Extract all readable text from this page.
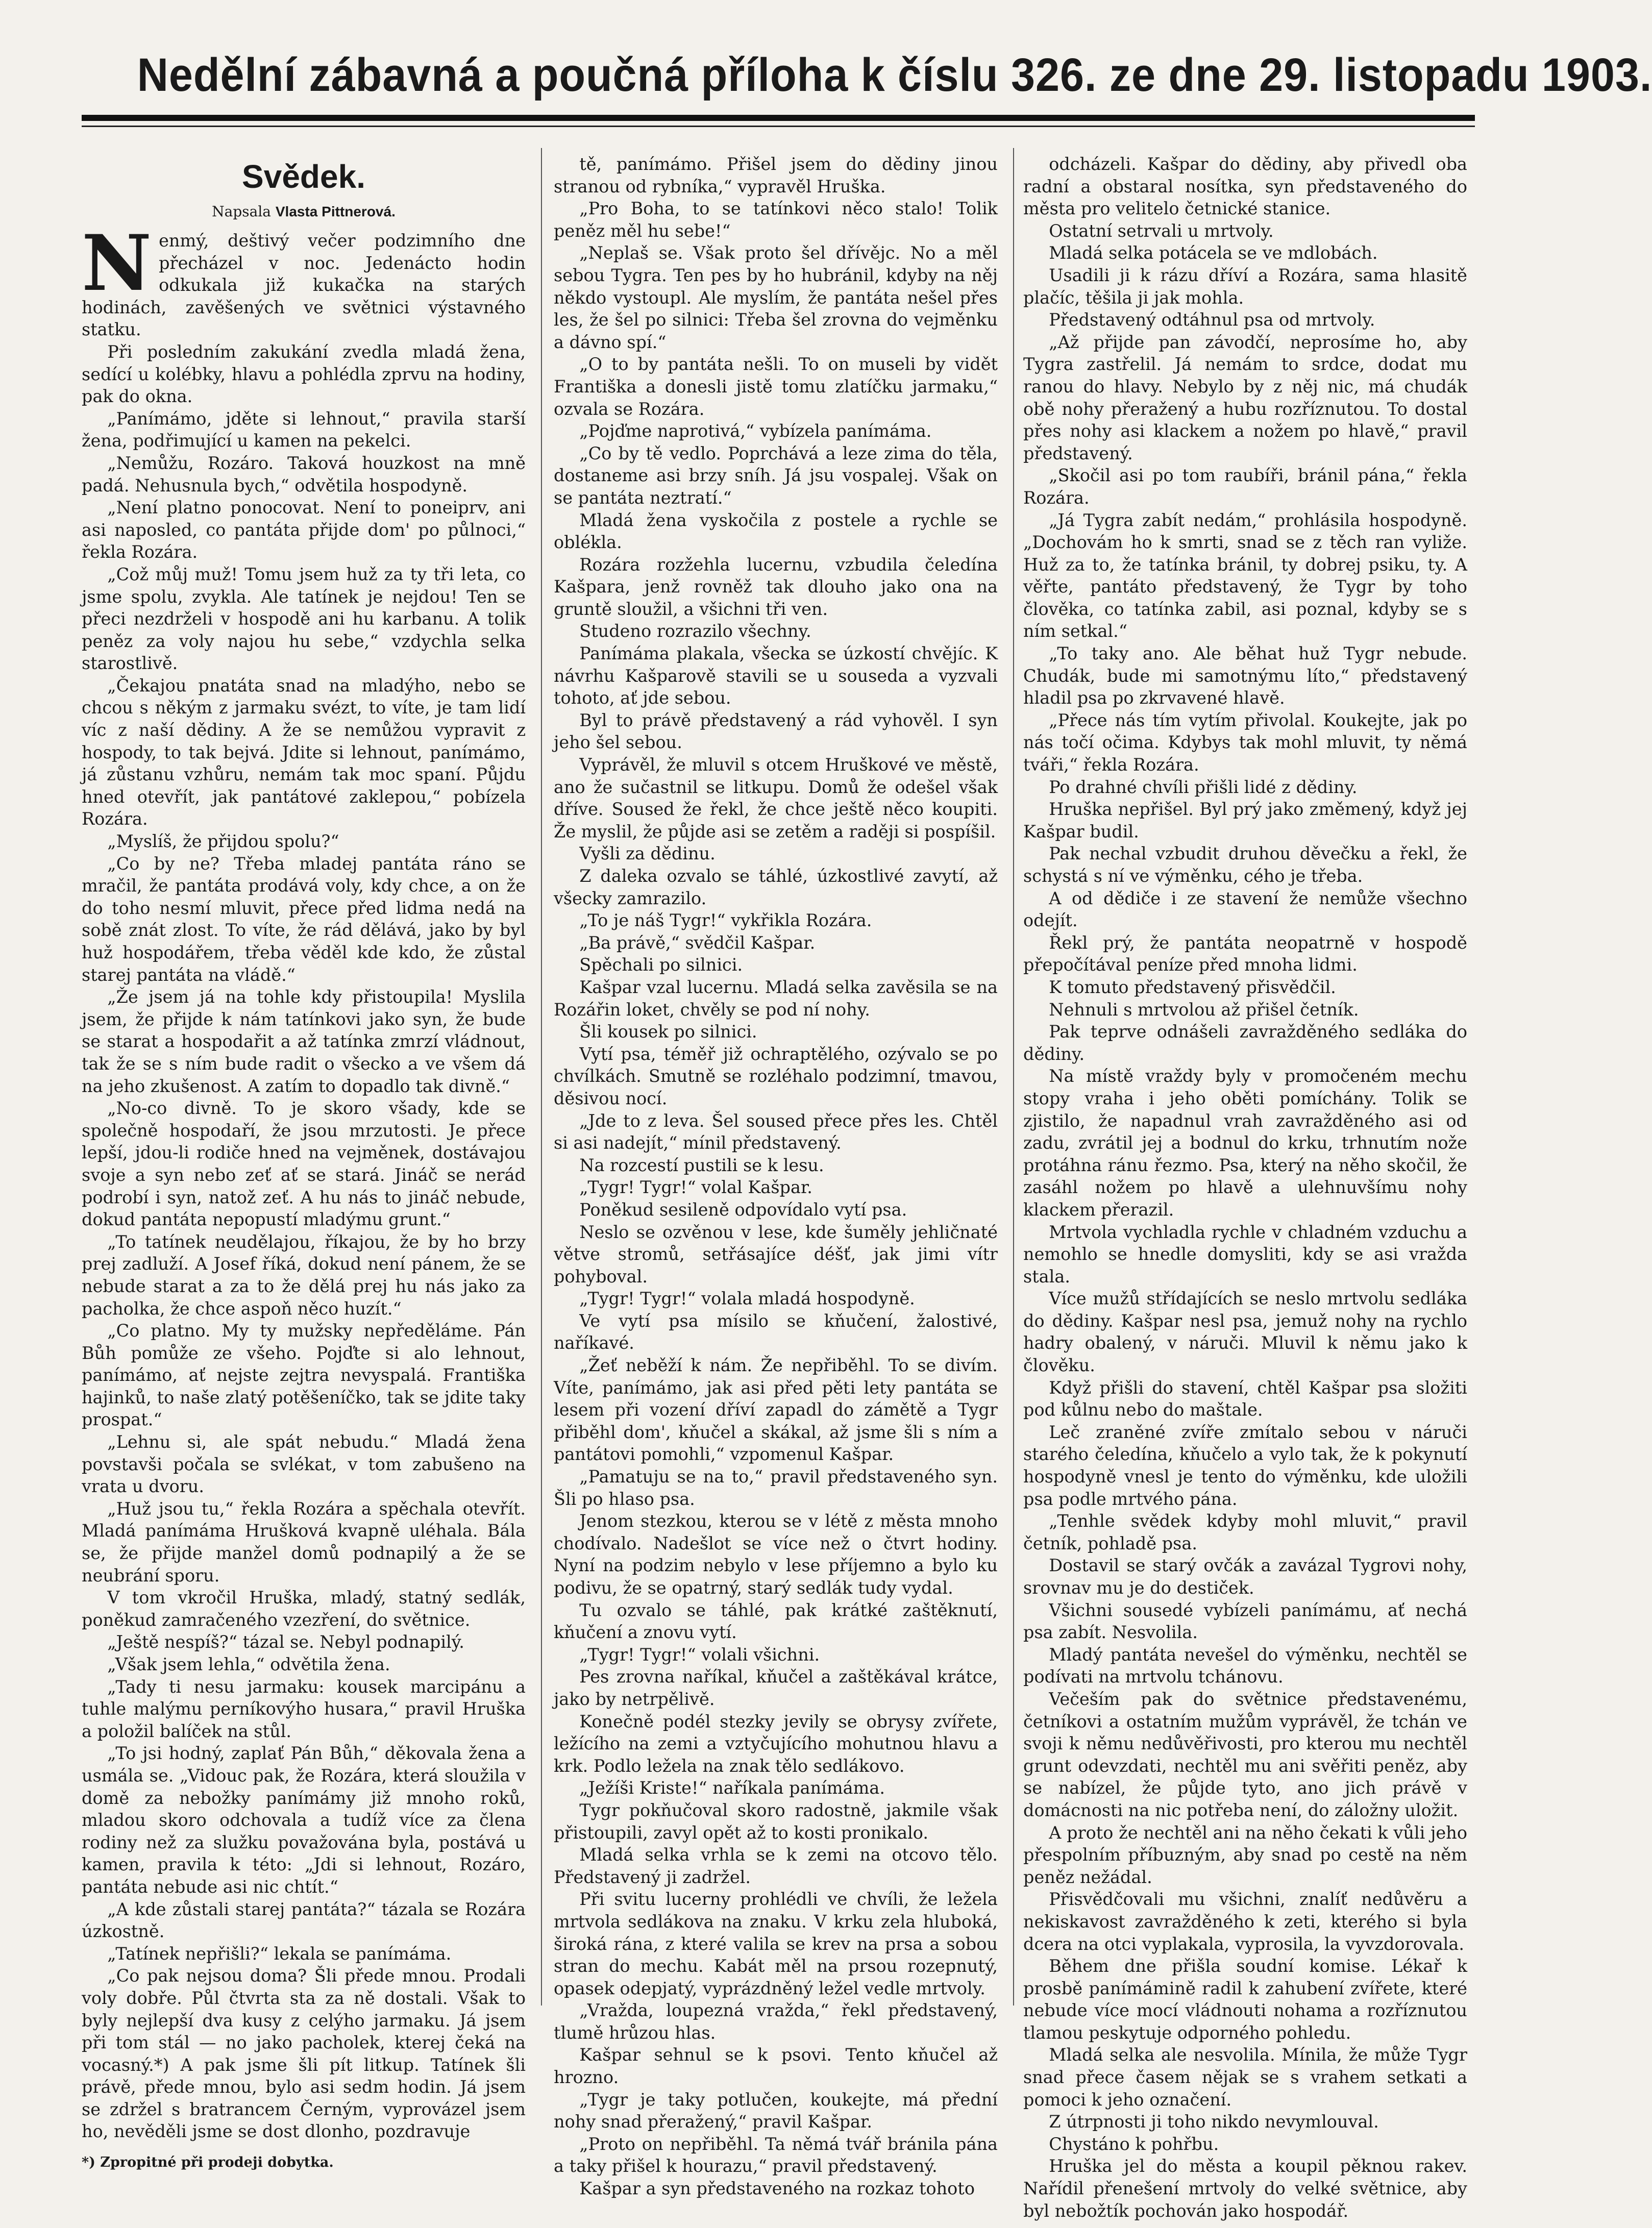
Nedělní zábavná a poučná příloha k číslu 326. ze dne 29. listopadu 1903.
Svědek.
Napsala Vlasta Pittnerová.

Nenmý, deštivý večer podzimního dne přecházel v noc. Jedenácto hodin odkukala již kukačka na starých hodinách, zavěšených ve světnici výstavného statku.

Při posledním zakukání zvedla mladá žena, sedící u kolébky, hlavu a pohlédla zprvu na hodiny, pak do okna.

„Panímámo, jděte si lehnout,“ pravila starší žena, podřimující u kamen na pekelci.

„Nemůžu, Rozáro. Taková houzkost na mně padá. Nehusnula bych,“ odvětila hospodyně.

„Není platno ponocovat. Není to poneiprv, ani asi naposled, co pantáta přijde dom' po půlnoci,“ řekla Rozára.

„Což můj muž! Tomu jsem huž za ty tři leta, co jsme spolu, zvykla. Ale tatínek je nejdou! Ten se přeci nezdrželi v hospodě ani hu karbanu. A tolik peněz za voly najou hu sebe,“ vzdychla selka starostlivě.

„Čekajou pnatáta snad na mladýho, nebo se chcou s někým z jarmaku svézt, to víte, je tam lidí víc z naší dědiny. A že se nemůžou vypravit z hospody, to tak bejvá. Jdite si lehnout, panímámo, já zůstanu vzhůru, nemám tak moc spaní. Půjdu hned otevřít, jak pantátové zaklepou,“ pobízela Rozára.

„Myslíš, že přijdou spolu?“

„Co by ne? Třeba mladej pantáta ráno se mračil, že pantáta prodává voly, kdy chce, a on že do toho nesmí mluvit, přece před lidma nedá na sobě znát zlost. To víte, že rád dělává, jako by byl huž hospodářem, třeba věděl kde kdo, že zůstal starej pantáta na vládě.“

„Že jsem já na tohle kdy přistoupila! Myslila jsem, že přijde k nám tatínkovi jako syn, že bude se starat a hospodařit a až tatínka zmrzí vládnout, tak že se s ním bude radit o všecko a ve všem dá na jeho zkušenost. A zatím to dopadlo tak divně.“

„No-co divně. To je skoro všady, kde se společně hospodaří, že jsou mrzutosti. Je přece lepší, jdou-li rodiče hned na vejměnek, dostávajou svoje a syn nebo zeť ať se stará. Jináč se nerád podrobí i syn, natož zeť. A hu nás to jináč nebude, dokud pantáta nepopustí mladýmu grunt.“

„To tatínek neudělajou, říkajou, že by ho brzy prej zadluží. A Josef říká, dokud není pánem, že se nebude starat a za to že dělá prej hu nás jako za pacholka, že chce aspoň něco huzít.“

„Co platno. My ty mužsky nepředěláme. Pán Bůh pomůže ze všeho. Pojďte si alo lehnout, panímámo, ať nejste zejtra nevyspalá. Františka hajinků, to naše zlatý potěšeníčko, tak se jdite taky prospat.“

„Lehnu si, ale spát nebudu.“ Mladá žena povstavši počala se svlékat, v tom zabušeno na vrata u dvoru.

„Huž jsou tu,“ řekla Rozára a spěchala otevřít. Mladá panímáma Hrušková kvapně uléhala. Bála se, že přijde manžel domů podnapilý a že se neubrání sporu.

V tom vkročil Hruška, mladý, statný sedlák, poněkud zamračeného vzezření, do světnice.

„Ještě nespíš?“ tázal se. Nebyl podnapilý.

„Však jsem lehla,“ odvětila žena.

„Tady ti nesu jarmaku: kousek marcipánu a tuhle malýmu perníkovýho husara,“ pravil Hruška a položil balíček na stůl.

„To jsi hodný, zaplať Pán Bůh,“ děkovala žena a usmála se. „Vidouc pak, že Rozára, která sloužila v domě za nebožky panímámy již mnoho roků, mladou skoro odchovala a tudíž více za člena rodiny než za služku považována byla, postává u kamen, pravila k této: „Jdi si lehnout, Rozáro, pantáta nebude asi nic chtít.“

„A kde zůstali starej pantáta?“ tázala se Rozára úzkostně.

„Tatínek nepřišli?“ lekala se panímáma.

„Co pak nejsou doma? Šli přede mnou. Prodali voly dobře. Půl čtvrta sta za ně dostali. Však to byly nejlepší dva kusy z celýho jarmaku. Já jsem při tom stál — no jako pacholek, kterej čeká na vocasný.*) A pak jsme šli pít litkup. Tatínek šli právě, přede mnou, bylo asi sedm hodin. Já jsem se zdržel s bratrancem Černým, vyprovázel jsem ho, nevěděli jsme se dost dlonho, pozdravuje

*) Zpropitné při prodeji dobytka.

tě, panímámo. Přišel jsem do dědiny jinou stranou od rybníka,“ vypravěl Hruška.

„Pro Boha, to se tatínkovi něco stalo! Tolik peněz měl hu sebe!“

„Neplaš se. Však proto šel dřívějc. No a měl sebou Tygra. Ten pes by ho hubránil, kdyby na něj někdo vystoupl. Ale myslím, že pantáta nešel přes les, že šel po silnici: Třeba šel zrovna do vejměnku a dávno spí.“

„O to by pantáta nešli. To on museli by vidět Františka a donesli jistě tomu zlatíčku jarmaku,“ ozvala se Rozára.

„Pojďme naprotivá,“ vybízela panímáma.

„Co by tě vedlo. Poprchává a leze zima do těla, dostaneme asi brzy sníh. Já jsu vospalej. Však on se pantáta neztratí.“

Mladá žena vyskočila z postele a rychle se oblékla.

Rozára rozžehla lucernu, vzbudila čeledína Kašpara, jenž rovněž tak dlouho jako ona na gruntě sloužil, a všichni tři ven.

Studeno rozrazilo všechny.

Panímáma plakala, všecka se úzkostí chvějíc. K návrhu Kašparově stavili se u souseda a vyzvali tohoto, ať jde sebou.

Byl to právě představený a rád vyhověl. I syn jeho šel sebou.

Vyprávěl, že mluvil s otcem Hruškové ve městě, ano že sučastnil se litkupu. Domů že odešel však dříve. Soused že řekl, že chce ještě něco koupiti. Že myslil, že půjde asi se zetěm a raději si pospíšil.

Vyšli za dědinu.

Z daleka ozvalo se táhlé, úzkostlivé zavytí, až všecky zamrazilo.

„To je náš Tygr!“ vykřikla Rozára.

„Ba právě,“ svědčil Kašpar.

Spěchali po silnici.

Kašpar vzal lucernu. Mladá selka zavěsila se na Rozářin loket, chvěly se pod ní nohy.

Šli kousek po silnici.

Vytí psa, téměř již ochraptělého, ozývalo se po chvílkách. Smutně se rozléhalo podzimní, tmavou, děsivou nocí.

„Jde to z leva. Šel soused přece přes les. Chtěl si asi nadejít,“ mínil představený.

Na rozcestí pustili se k lesu.

„Tygr! Tygr!“ volal Kašpar.

Poněkud sesileně odpovídalo vytí psa.

Neslo se ozvěnou v lese, kde šuměly jehličnaté větve stromů, setřásajíce déšť, jak jimi vítr pohyboval.

„Tygr! Tygr!“ volala mladá hospodyně.

Ve vytí psa mísilo se kňučení, žalostivé, naříkavé.

„Žeť neběží k nám. Že nepřiběhl. To se divím. Víte, panímámo, jak asi před pěti lety pantáta se lesem při vození dříví zapadl do zámětě a Tygr přiběhl dom', kňučel a skákal, až jsme šli s ním a pantátovi pomohli,“ vzpomenul Kašpar.

„Pamatuju se na to,“ pravil představeného syn. Šli po hlaso psa.

Jenom stezkou, kterou se v létě z města mnoho chodívalo. Nadešlot se více než o čtvrt hodiny. Nyní na podzim nebylo v lese příjemno a bylo ku podivu, že se opatrný, starý sedlák tudy vydal.

Tu ozvalo se táhlé, pak krátké zaštěknutí, kňučení a znovu vytí.

„Tygr! Tygr!“ volali všichni.

Pes zrovna naříkal, kňučel a zaštěkával krátce, jako by netrpělivě.

Konečně podél stezky jevily se obrysy zvířete, ležícího na zemi a vztyčujícího mohutnou hlavu a krk. Podlo ležela na znak tělo sedlákovo.

„Ježíši Kriste!“ naříkala panímáma.

Tygr pokňučoval skoro radostně, jakmile však přistoupili, zavyl opět až to kosti pronikalo.

Mladá selka vrhla se k zemi na otcovo tělo. Představený ji zadržel.

Při svitu lucerny prohlédli ve chvíli, že ležela mrtvola sedlákova na znaku. V krku zela hluboká, široká rána, z které valila se krev na prsa a sobou stran do mechu. Kabát měl na prsou rozepnutý, opasek odepjatý, vyprázdněný ležel vedle mrtvoly.

„Vražda, loupezná vražda,“ řekl představený, tlumě hrůzou hlas.

Kašpar sehnul se k psovi. Tento kňučel až hrozno.

„Tygr je taky potlučen, koukejte, má přední nohy snad přeražený,“ pravil Kašpar.

„Proto on nepřiběhl. Ta němá tvář bránila pána a taky přišel k hourazu,“ pravil představený.

Kašpar a syn představeného na rozkaz tohoto

odcházeli. Kašpar do dědiny, aby přivedl oba radní a obstaral nosítka, syn představeného do města pro velitelo četnické stanice.

Ostatní setrvali u mrtvoly.

Mladá selka potácela se ve mdlobách.

Usadili ji k rázu dříví a Rozára, sama hlasitě plačíc, těšila ji jak mohla.

Představený odtáhnul psa od mrtvoly.

„Až přijde pan závodčí, neprosíme ho, aby Tygra zastřelil. Já nemám to srdce, dodat mu ranou do hlavy. Nebylo by z něj nic, má chudák obě nohy přeražený a hubu rozříznutou. To dostal přes nohy asi klackem a nožem po hlavě,“ pravil představený.

„Skočil asi po tom raubíři, bránil pána,“ řekla Rozára.

„Já Tygra zabít nedám,“ prohlásila hospodyně. „Dochovám ho k smrti, snad se z těch ran vyliže. Huž za to, že tatínka bránil, ty dobrej psiku, ty. A věřte, pantáto představený, že Tygr by toho člověka, co tatínka zabil, asi poznal, kdyby se s ním setkal.“

„To taky ano. Ale běhat huž Tygr nebude. Chudák, bude mi samotnýmu líto,“ představený hladil psa po zkrvavené hlavě.

„Přece nás tím vytím přivolal. Koukejte, jak po nás točí očima. Kdybys tak mohl mluvit, ty němá tváři,“ řekla Rozára.

Po drahné chvíli přišli lidé z dědiny.

Hruška nepřišel. Byl prý jako změmený, když jej Kašpar budil.

Pak nechal vzbudit druhou děvečku a řekl, že schystá s ní ve výměnku, cého je třeba.

A od dědiče i ze stavení že nemůže všechno odejít.

Řekl prý, že pantáta neopatrně v hospodě přepočítával peníze před mnoha lidmi.

K tomuto představený přisvědčil.

Nehnuli s mrtvolou až přišel četník.

Pak teprve odnášeli zavražděného sedláka do dědiny.

Na místě vraždy byly v promočeném mechu stopy vraha i jeho oběti pomíchány. Tolik se zjistilo, že napadnul vrah zavražděného asi od zadu, zvrátil jej a bodnul do krku, trhnutím nože protáhna ránu řezmo. Psa, který na něho skočil, že zasáhl nožem po hlavě a ulehnuvšímu nohy klackem přerazil.

Mrtvola vychladla rychle v chladném vzduchu a nemohlo se hnedle domysliti, kdy se asi vražda stala.

Více mužů střídajících se neslo mrtvolu sedláka do dědiny. Kašpar nesl psa, jemuž nohy na rychlo hadry obalený, v náruči. Mluvil k němu jako k člověku.

Když přišli do stavení, chtěl Kašpar psa složiti pod kůlnu nebo do maštale.

Leč zraněné zvíře zmítalo sebou v náruči starého čeledína, kňučelo a vylo tak, že k pokynutí hospodyně vnesl je tento do výměnku, kde uložili psa podle mrtvého pána.

„Tenhle svědek kdyby mohl mluvit,“ pravil četník, pohladě psa.

Dostavil se starý ovčák a zavázal Tygrovi nohy, srovnav mu je do destiček.

Všichni sousedé vybízeli panímámu, ať nechá psa zabít. Nesvolila.

Mladý pantáta nevešel do výměnku, nechtěl se podívati na mrtvolu tchánovu.

Večeším pak do světnice představenému, četníkovi a ostatním mužům vyprávěl, že tchán ve svoji k němu nedůvěřivosti, pro kterou mu nechtěl grunt odevzdati, nechtěl mu ani svěřiti peněz, aby se nabízel, že půjde tyto, ano jich právě v domácnosti na nic potřeba není, do záložny uložit.

A proto že nechtěl ani na něho čekati k vůli jeho přespolním příbuzným, aby snad po cestě na něm peněz nežádal.

Přisvědčovali mu všichni, znalíť nedůvěru a nekiskavost zavražděného k zeti, kterého si byla dcera na otci vyplakala, vyprosila, la vyvzdorovala.

Během dne přišla soudní komise. Lékař k prosbě panímámině radil k zahubení zvířete, které nebude více mocí vládnouti nohama a rozříznutou tlamou peskytuje odporného pohledu.

Mladá selka ale nesvolila. Mínila, že může Tygr snad přece časem nějak se s vrahem setkati a pomoci k jeho označení.

Z útrpnosti ji toho nikdo nevymlouval.

Chystáno k pohřbu.

Hruška jel do města a koupil pěknou rakev. Nařídil přenešení mrtvoly do velké světnice, aby byl nebožtík pochován jako hospodář.
